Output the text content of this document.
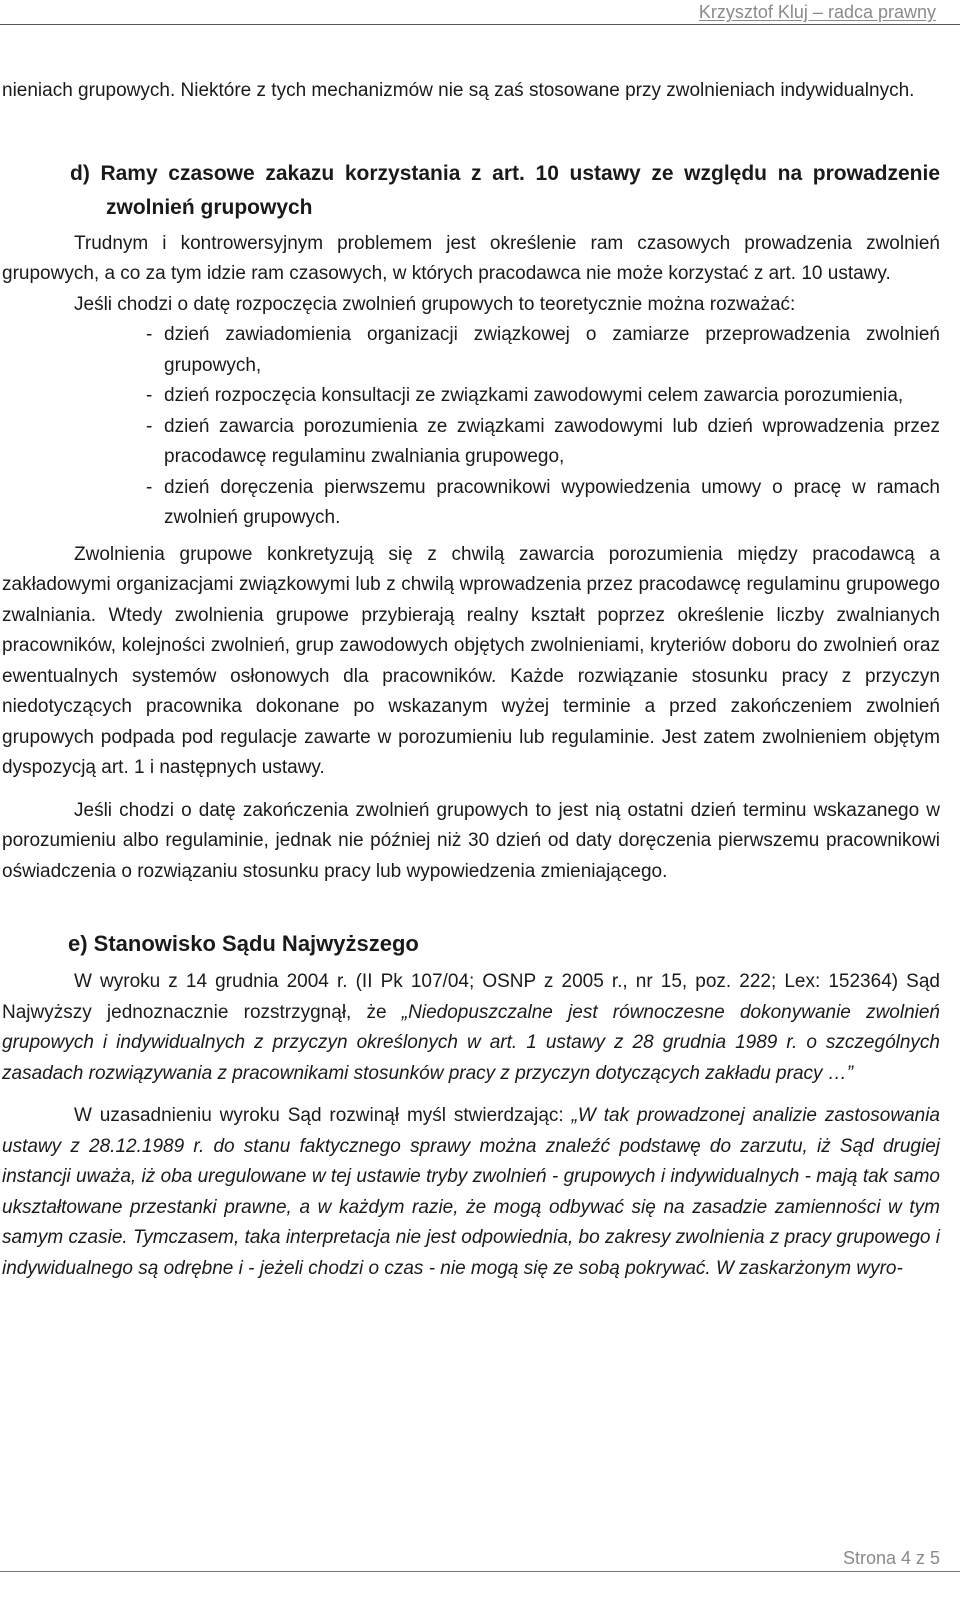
Krzysztof Kluj – radca prawny

nieniach grupowych. Niektóre z tych mechanizmów nie są zaś stosowane przy zwolnieniach indywidualnych.

d) Ramy czasowe zakazu korzystania z art. 10 ustawy ze względu na prowadzenie zwolnień grupowych

Trudnym i kontrowersyjnym problemem jest określenie ram czasowych prowadzenia zwolnień grupowych, a co za tym idzie ram czasowych, w których pracodawca nie może korzystać z art. 10 ustawy.

Jeśli chodzi o datę rozpoczęcia zwolnień grupowych to teoretycznie można rozważać:

- dzień zawiadomienia organizacji związkowej o zamiarze przeprowadzenia zwolnień grupowych,
- dzień rozpoczęcia konsultacji ze związkami zawodowymi celem zawarcia porozumienia,
- dzień zawarcia porozumienia ze związkami zawodowymi lub dzień wprowadzenia przez pracodawcę regulaminu zwalniania grupowego,
- dzień doręczenia pierwszemu pracownikowi wypowiedzenia umowy o pracę w ramach zwolnień grupowych.

Zwolnienia grupowe konkretyzują się z chwilą zawarcia porozumienia między pracodawcą a zakładowymi organizacjami związkowymi lub z chwilą wprowadzenia przez pracodawcę regulaminu grupowego zwalniania. Wtedy zwolnienia grupowe przybierają realny kształt poprzez określenie liczby zwalnianych pracowników, kolejności zwolnień, grup zawodowych objętych zwolnieniami, kryteriów doboru do zwolnień oraz ewentualnych systemów osłonowych dla pracowników. Każde rozwiązanie stosunku pracy z przyczyn niedotyczących pracownika dokonane po wskazanym wyżej terminie a przed zakończeniem zwolnień grupowych podpada pod regulacje zawarte w porozumieniu lub regulaminie. Jest zatem zwolnieniem objętym dyspozycją art. 1 i następnych ustawy.

Jeśli chodzi o datę zakończenia zwolnień grupowych to jest nią ostatni dzień terminu wskazanego w porozumieniu albo regulaminie, jednak nie później niż 30 dzień od daty doręczenia pierwszemu pracownikowi oświadczenia o rozwiązaniu stosunku pracy lub wypowiedzenia zmieniającego.

e) Stanowisko Sądu Najwyższego

W wyroku z 14 grudnia 2004 r. (II Pk 107/04; OSNP z 2005 r., nr 15, poz. 222; Lex: 152364) Sąd Najwyższy jednoznacznie rozstrzygnął, że „Niedopuszczalne jest równoczesne dokonywanie zwolnień grupowych i indywidualnych z przyczyn określonych w art. 1 ustawy z 28 grudnia 1989 r. o szczególnych zasadach rozwiązywania z pracownikami stosunków pracy z przyczyn dotyczących zakładu pracy …”

W uzasadnieniu wyroku Sąd rozwinął myśl stwierdzając: „W tak prowadzonej analizie zastosowania ustawy z 28.12.1989 r. do stanu faktycznego sprawy można znaleźć podstawę do zarzutu, iż Sąd drugiej instancji uważa, iż oba uregulowane w tej ustawie tryby zwolnień - grupowych i indywidualnych - mają tak samo ukształtowane przestanki prawne, a w każdym razie, że mogą odbywać się na zasadzie zamienności w tym samym czasie. Tymczasem, taka interpretacja nie jest odpowiednia, bo zakresy zwolnienia z pracy grupowego i indywidualnego są odrębne i - jeżeli chodzi o czas - nie mogą się ze sobą pokrywać. W zaskarżonym wyro-

Strona 4 z 5
